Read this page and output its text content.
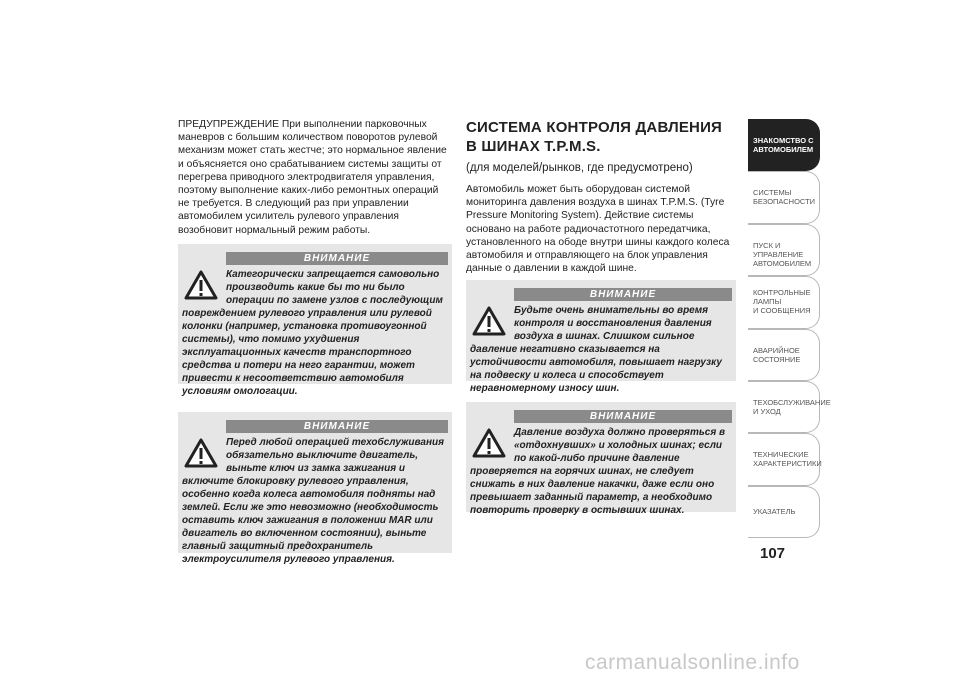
ПРЕДУПРЕЖДЕНИЕ При выполнении парковочных маневров с большим количеством поворотов рулевой механизм может стать жестче; это нормальное явление и объясняется оно срабатыванием системы защиты от перегрева приводного электродвигателя управления, поэтому выполнение каких-либо ремонтных операций не требуется. В следующий раз при управлении автомобилем усилитель рулевого управления возобновит нормальный режим работы.

ВНИМАНИЕ
Категорически запрещается самовольно производить какие бы то ни было операции по замене узлов с последующим повреждением рулевого управления или рулевой колонки (например, установка противоугонной системы), что помимо ухудшения эксплуатационных качеств транспортного средства и потери на него гарантии, может привести к несоответствию автомобиля условиям омологации.
ВНИМАНИЕ
Перед любой операцией техобслуживания обязательно выключите двигатель, выньте ключ из замка зажигания и включите блокировку рулевого управления, особенно когда колеса автомобиля подняты над землей. Если же это невозможно (необходимость оставить ключ зажигания в положении MAR или двигатель во включенном состоянии), выньте главный защитный предохранитель электроусилителя рулевого управления.
СИСТЕМА КОНТРОЛЯ ДАВЛЕНИЯ В ШИНАХ T.P.M.S.
(для моделей/рынков, где предусмотрено)

Автомобиль может быть оборудован системой мониторинга давления воздуха в шинах T.P.M.S. (Tyre Pressure Monitoring System). Действие системы основано на работе радиочастотного передатчика, установленного на ободе внутри шины каждого колеса автомобиля и отправляющего на блок управления данные о давлении в каждой шине.

ВНИМАНИЕ
Будьте очень внимательны во время контроля и восстановления давления воздуха в шинах. Слишком сильное давление негативно сказывается на устойчивости автомобиля, повышает нагрузку на подвеску и колеса и способствует неравномерному износу шин.
ВНИМАНИЕ
Давление воздуха должно проверяться в «отдохнувших» и холодных шинах; если по какой-либо причине давление проверяется на горячих шинах, не следует снижать в них давление накачки, даже если оно превышает заданный параметр, а необходимо повторить проверку в остывших шинах.
ЗНАКОМСТВО С
АВТОМОБИЛЕМ
СИСТЕМЫ
БЕЗОПАСНОСТИ
ПУСК И УПРАВЛЕНИЕ
АВТОМОБИЛЕМ
КОНТРОЛЬНЫЕ
ЛАМПЫ
И СООБЩЕНИЯ
АВАРИЙНОЕ
СОСТОЯНИЕ
ТЕХОБСЛУЖИВАНИЕ
И УХОД
ТЕХНИЧЕСКИЕ
ХАРАКТЕРИСТИКИ
УКАЗАТЕЛЬ
107
carmanualsonline.info
